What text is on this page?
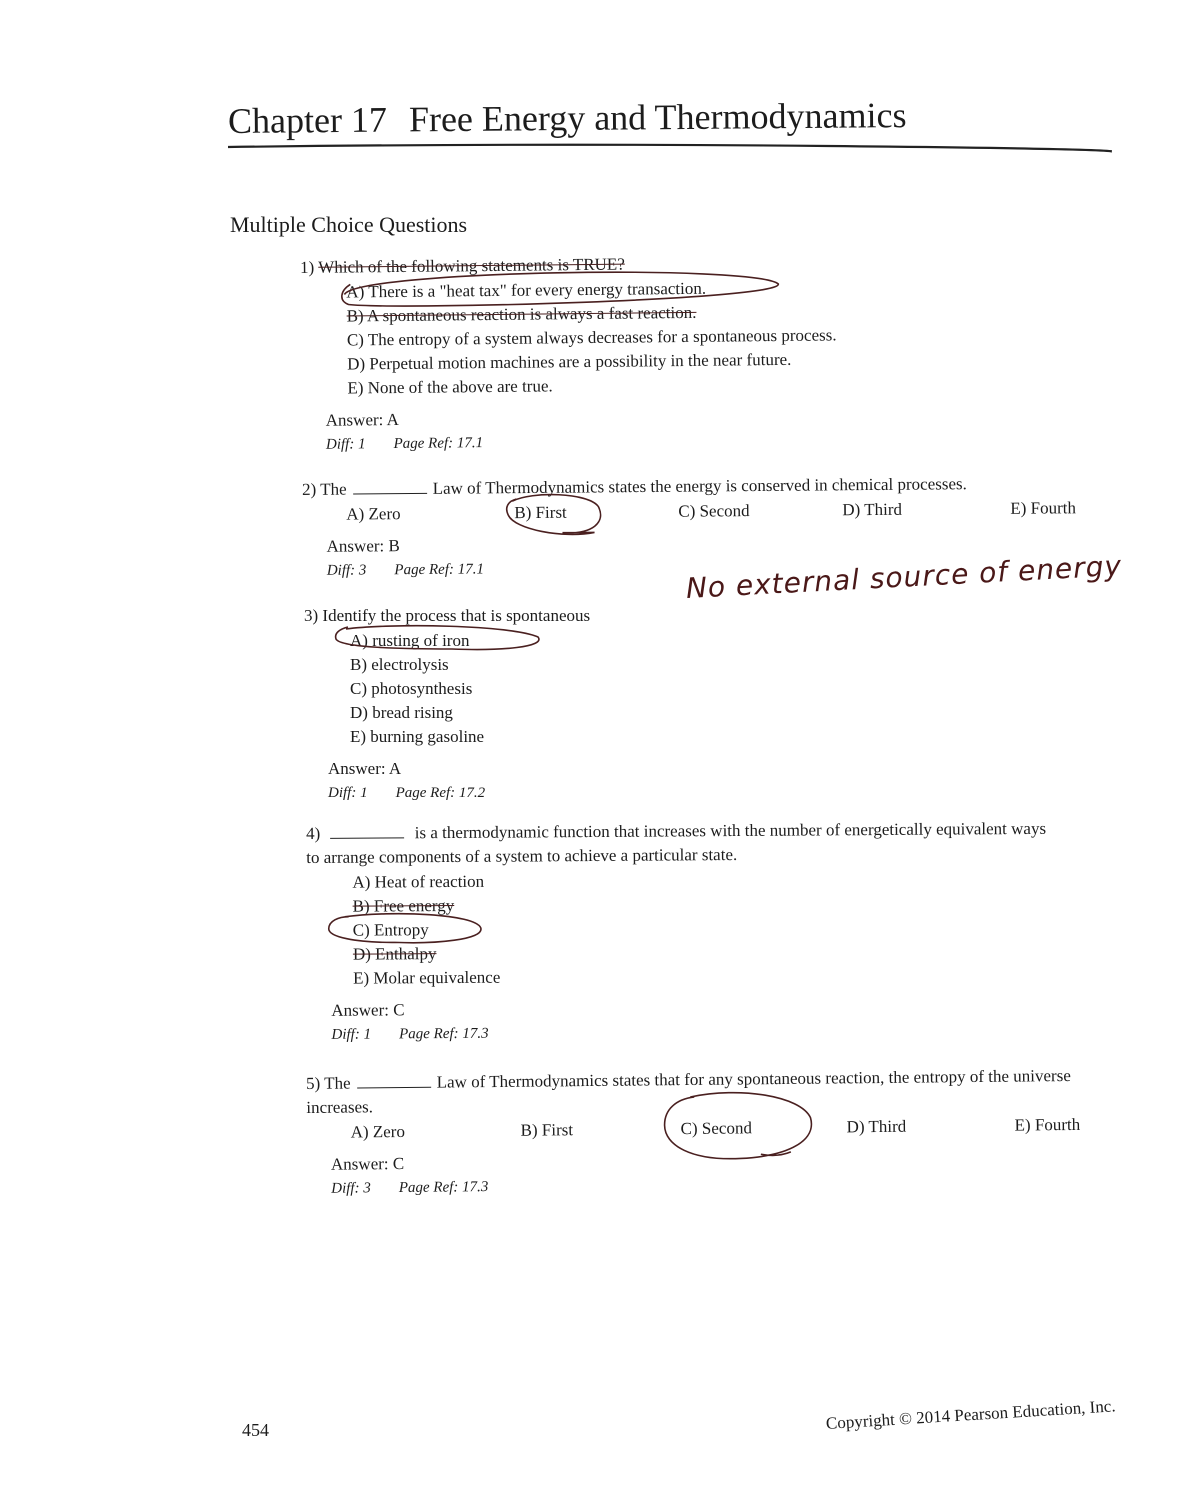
Chapter 17 Free Energy and Thermodynamics
Multiple Choice Questions

1) Which of the following statements is TRUE?

A) There is a "heat tax" for every energy transaction.
B) A spontaneous reaction is always a fast reaction.
C) The entropy of a system always decreases for a spontaneous process.
D) Perpetual motion machines are a possibility in the near future.
E) None of the above are true.

Answer: A

Diff: 1 Page Ref: 17.1

2) The	Law of Thermodynamics states the energy is conserved in chemical processes.

A) Zero	B) First	C) Second	D) Third	E) Fourth

Answer: B

Diff: 3 Page Ref: 17.1

3) Identify the process that is spontaneous

A) rusting of iron
B) electrolysis
C) photosynthesis
D) bread rising
E) burning gasoline

Answer: A

Diff: 1 Page Ref: 17.2

No external source of energy

4)	is a thermodynamic function that increases with the number of energetically equivalent ways to arrange components of a system to achieve a particular state.

A) Heat of reaction
B) Free energy
C) Entropy
D) Enthalpy
E) Molar equivalence

Answer: C

Diff: 1 Page Ref: 17.3

5) The	Law of Thermodynamics states that for any spontaneous reaction, the entropy of the universe increases.

A) Zero	B) First	C) Second	D) Third	E) Fourth

Answer: C

Diff: 3 Page Ref: 17.3

454	Copyright © 2014 Pearson Education, Inc.
